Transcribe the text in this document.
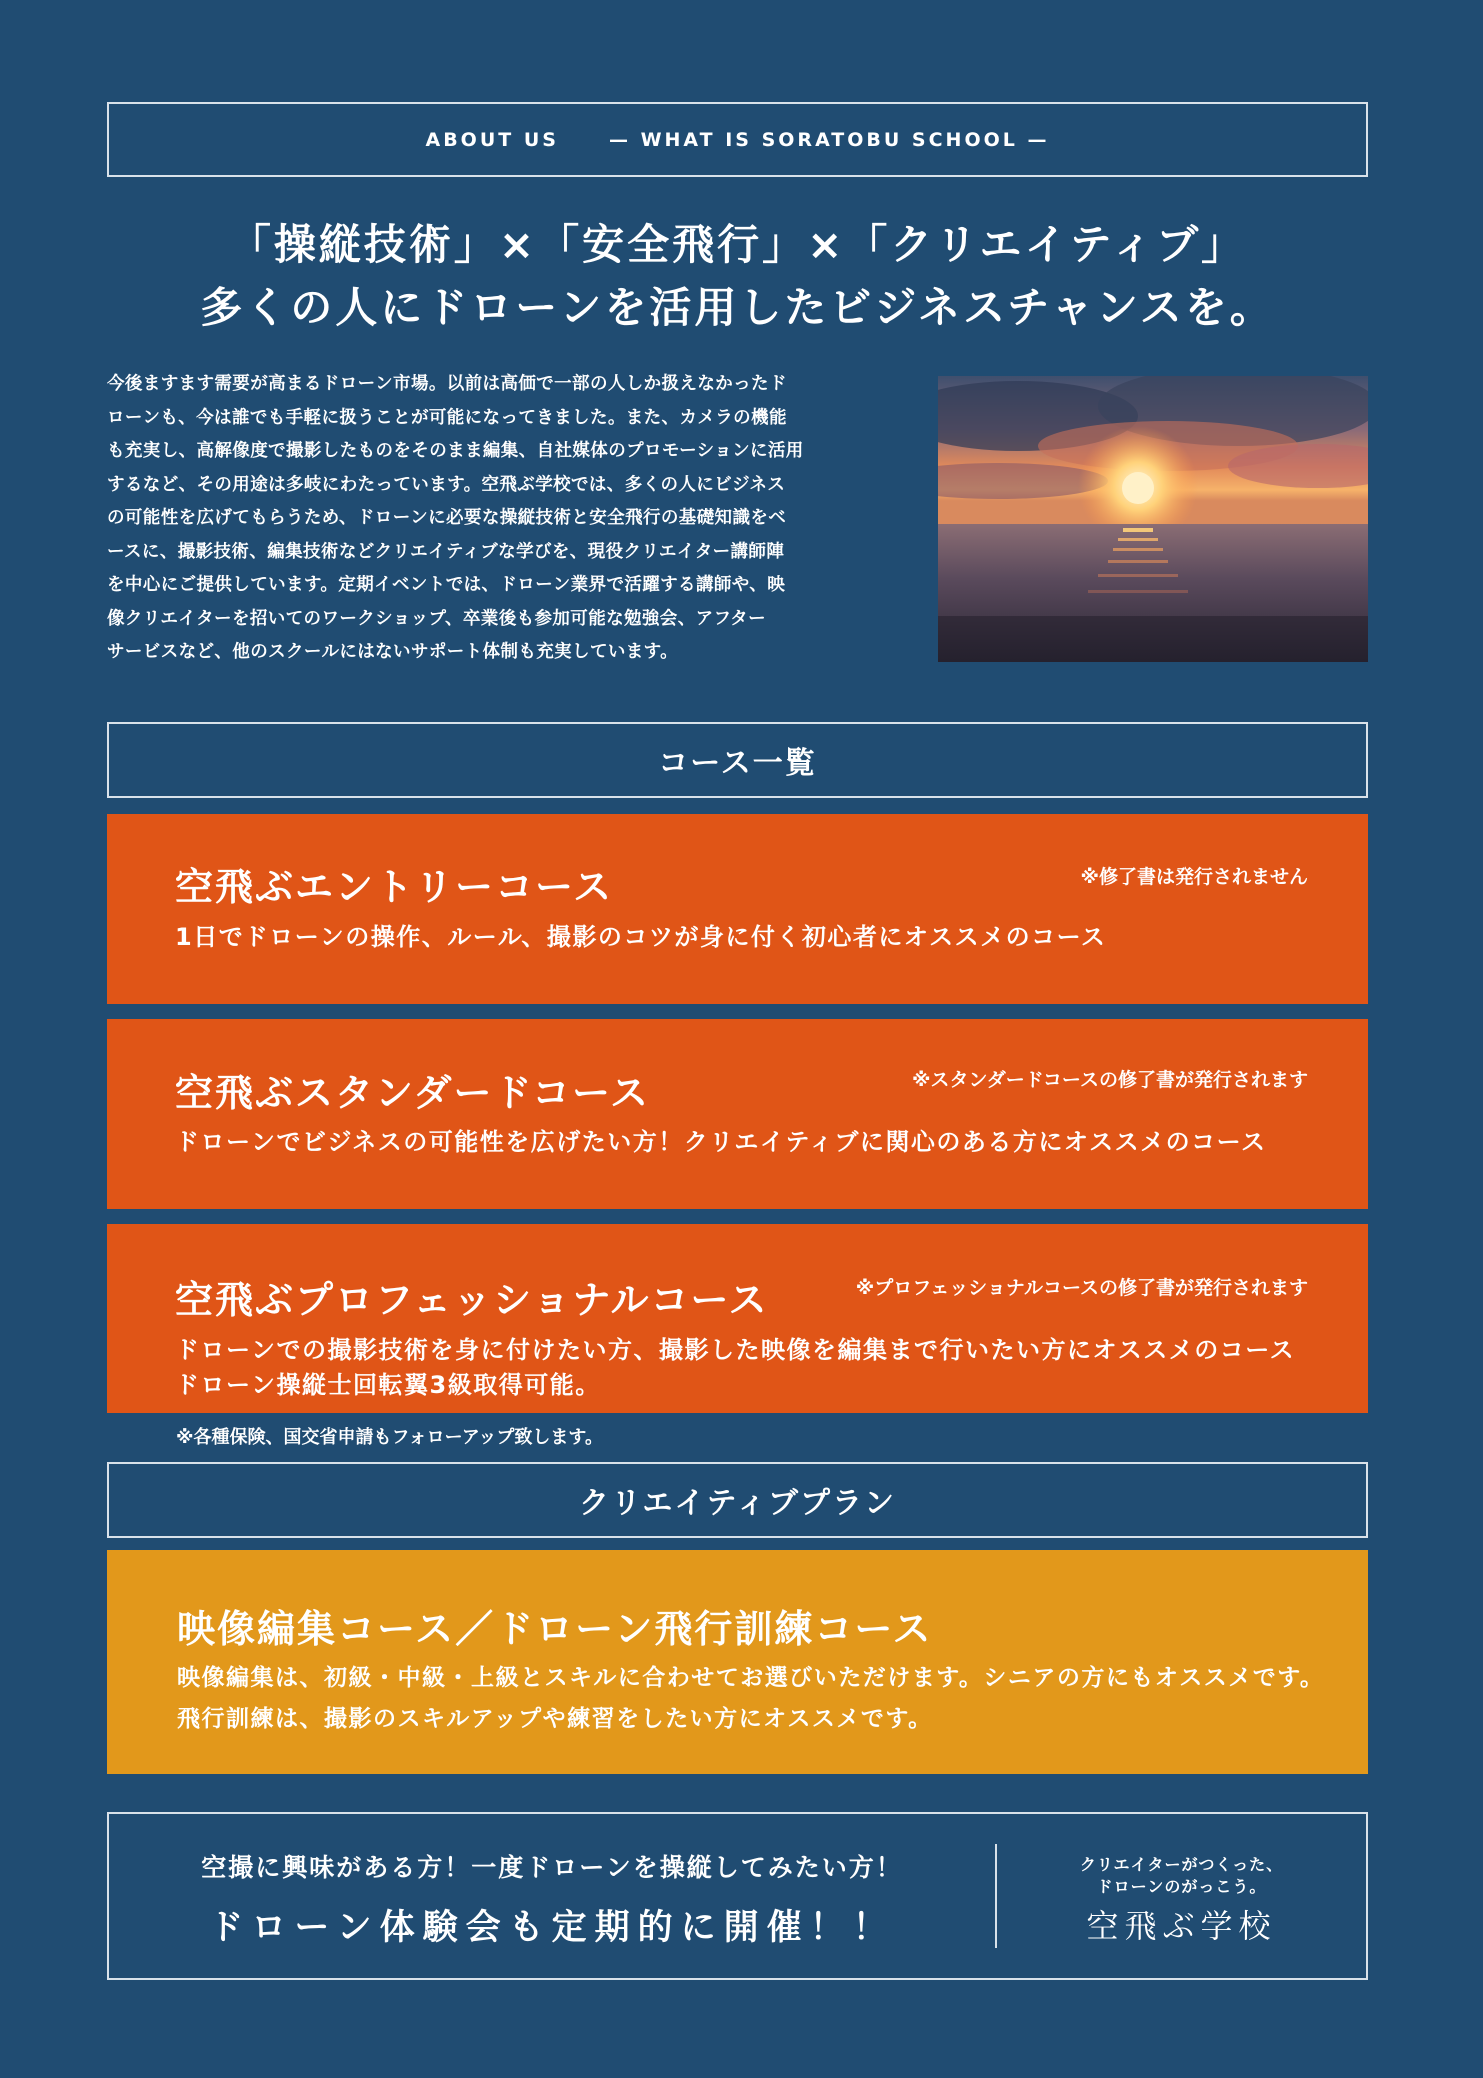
ABOUT US	— WHAT IS SORATOBU SCHOOL —
「操縦技術」×「安全飛行」×「クリエイティブ」
多くの人にドローンを活用したビジネスチャンスを。
今後ますます需要が高まるドローン市場。以前は高価で一部の人しか扱えなかったド
ローンも、今は誰でも手軽に扱うことが可能になってきました。また、カメラの機能
も充実し、高解像度で撮影したものをそのまま編集、自社媒体のプロモーションに活用
するなど、その用途は多岐にわたっています。空飛ぶ学校では、多くの人にビジネス
の可能性を広げてもらうため、ドローンに必要な操縦技術と安全飛行の基礎知識をベ
ースに、撮影技術、編集技術などクリエイティブな学びを、現役クリエイター講師陣
を中心にご提供しています。定期イベントでは、ドローン業界で活躍する講師や、映
像クリエイターを招いてのワークショップ、卒業後も参加可能な勉強会、アフター
サービスなど、他のスクールにはないサポート体制も充実しています。
コース一覧
空飛ぶエントリーコース	※修了書は発行されません
1日でドローンの操作、ルール、撮影のコツが身に付く初心者にオススメのコース
空飛ぶスタンダードコース	※スタンダードコースの修了書が発行されます
ドローンでビジネスの可能性を広げたい方！クリエイティブに関心のある方にオススメのコース
空飛ぶプロフェッショナルコース	※プロフェッショナルコースの修了書が発行されます
ドローンでの撮影技術を身に付けたい方、撮影した映像を編集まで行いたい方にオススメのコース
ドローン操縦士回転翼3級取得可能。
※各種保険、国交省申請もフォローアップ致します。
クリエイティブプラン
映像編集コース／ドローン飛行訓練コース
映像編集は、初級・中級・上級とスキルに合わせてお選びいただけます。シニアの方にもオススメです。
飛行訓練は、撮影のスキルアップや練習をしたい方にオススメです。
空撮に興味がある方！一度ドローンを操縦してみたい方！
ドローン体験会も定期的に開催！！
クリエイターがつくった、
ドローンのがっこう。
空飛ぶ学校
